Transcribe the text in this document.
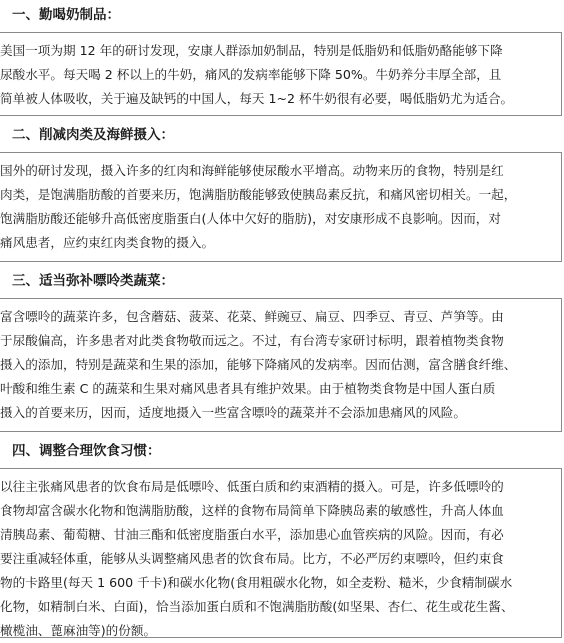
一、勤喝奶制品：
美国一项为期 12 年的研讨发现，安康人群添加奶制品，特别是低脂奶和低脂奶酪能够下降
尿酸水平。每天喝 2 杯以上的牛奶，痛风的发病率能够下降 50%。牛奶养分丰厚全部，且
简单被人体吸收，关于遍及缺钙的中国人，每天 1~2 杯牛奶很有必要，喝低脂奶尤为适合。
二、削减肉类及海鲜摄入：
国外的研讨发现，摄入许多的红肉和海鲜能够使尿酸水平增高。动物来历的食物，特别是红
肉类，是饱满脂肪酸的首要来历，饱满脂肪酸能够致使胰岛素反抗，和痛风密切相关。一起，
饱满脂肪酸还能够升高低密度脂蛋白(人体中欠好的脂肪)，对安康形成不良影响。因而，对
痛风患者，应约束红肉类食物的摄入。
三、适当弥补嘌呤类蔬菜：
富含嘌呤的蔬菜许多，包含蘑菇、菠菜、花菜、鲜豌豆、扁豆、四季豆、青豆、芦笋等。由
于尿酸偏高，许多患者对此类食物敬而远之。不过，有台湾专家研讨标明，跟着植物类食物
摄入的添加，特别是蔬菜和生果的添加，能够下降痛风的发病率。因而估测，富含膳食纤维、
叶酸和维生素 C 的蔬菜和生果对痛风患者具有维护效果。由于植物类食物是中国人蛋白质
摄入的首要来历，因而，适度地摄入一些富含嘌呤的蔬菜并不会添加患痛风的风险。
四、调整合理饮食习惯：
以往主张痛风患者的饮食布局是低嘌呤、低蛋白质和约束酒精的摄入。可是，许多低嘌呤的
食物却富含碳水化物和饱满脂肪酸，这样的食物布局简单下降胰岛素的敏感性，升高人体血
清胰岛素、葡萄糖、甘油三酯和低密度脂蛋白水平，添加患心血管疾病的风险。因而，有必
要注重减轻体重，能够从头调整痛风患者的饮食布局。比方，不必严厉约束嘌呤，但约束食
物的卡路里(每天 1 600 千卡)和碳水化物(食用粗碳水化物，如全麦粉、糙米，少食精制碳水
化物，如精制白米、白面)，恰当添加蛋白质和不饱满脂肪酸(如坚果、杏仁、花生或花生酱、
橄榄油、蓖麻油等)的份额。
